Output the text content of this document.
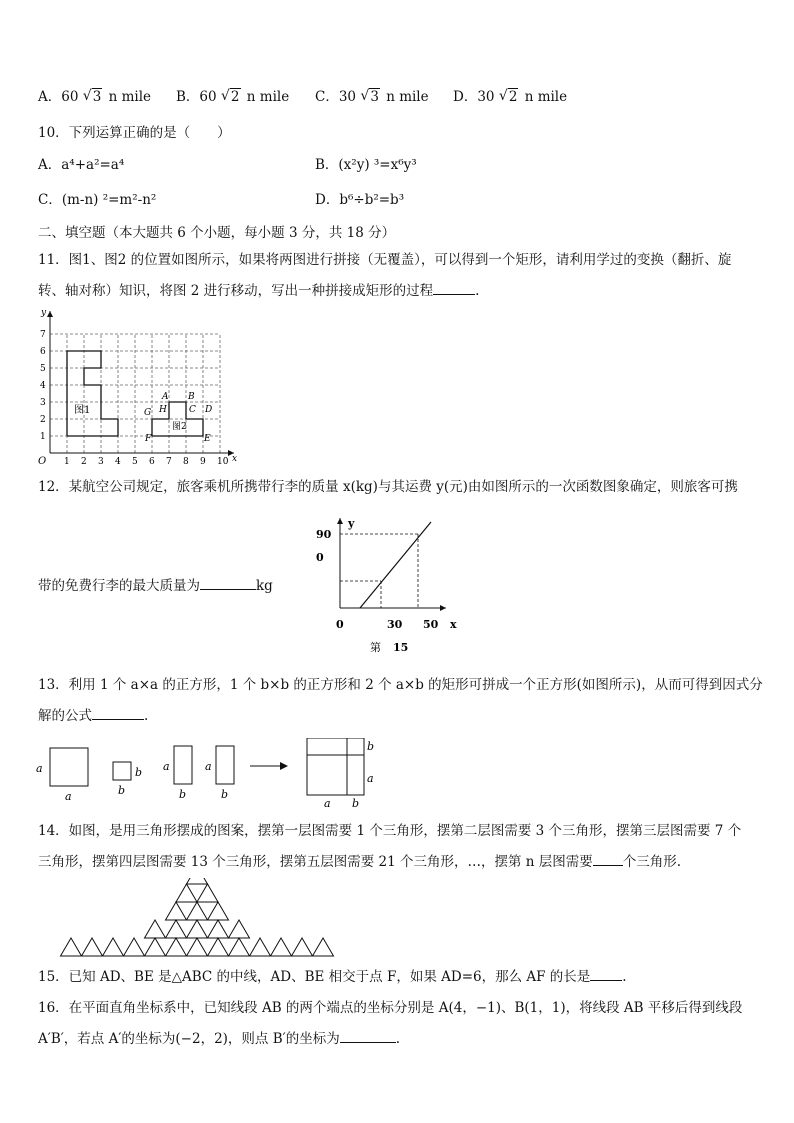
A．60 √ 3 n mile B．60 √ 2 n mile C．30 √ 3 n mile D．30 √ 2 n mile
10．下列运算正确的是（　　）
A．a⁴+a²=a⁴	B．(x²y) ³=x⁶y³
C．(m-n) ²=m²-n²	D．b⁶÷b²=b³
二、填空题（本大题共 6 个小题，每小题 3 分，共 18 分）
11．图1、图2 的位置如图所示，如果将两图进行拼接（无覆盖），可以得到一个矩形，请利用学过的变换（翻折、旋
转、轴对称）知识，将图 2 进行移动，写出一种拼接成矩形的过程	.
x
y
O 1 2 3 4 5 6 7 8 9 10
1
2
3
4
5
6
7
图1
图2
A B
C D
E
F
G H
12．某航空公司规定，旅客乘机所携带行李的质量 x(kg)与其运费 y(元)由如图所示的一次函数图象确定，则旅客可携
带的免费行李的最大质量为	kg
y
x
90
0
0	30 50
第 15
13．利用 1 个 a×a 的正方形，1 个 b×b 的正方形和 2 个 a×b 的矩形可拼成一个正方形(如图所示)，从而可得到因式分
解的公式	.
a
a
b
b
a
b
a
b
b
a
a b
14．如图，是用三角形摆成的图案，摆第一层图需要 1 个三角形，摆第二层图需要 3 个三角形，摆第三层图需要 7 个
三角形，摆第四层图需要 13 个三角形，摆第五层图需要 21 个三角形，…，摆第 n 层图需要 个三角形.
15．已知 AD、BE 是△ABC 的中线，AD、BE 相交于点 F，如果 AD=6，那么 AF 的长是 .
16．在平面直角坐标系中，已知线段 AB 的两个端点的坐标分别是 A(4，−1)、B(1，1)，将线段 AB 平移后得到线段
A′B′，若点 A′的坐标为(−2，2)，则点 B′的坐标为	.
